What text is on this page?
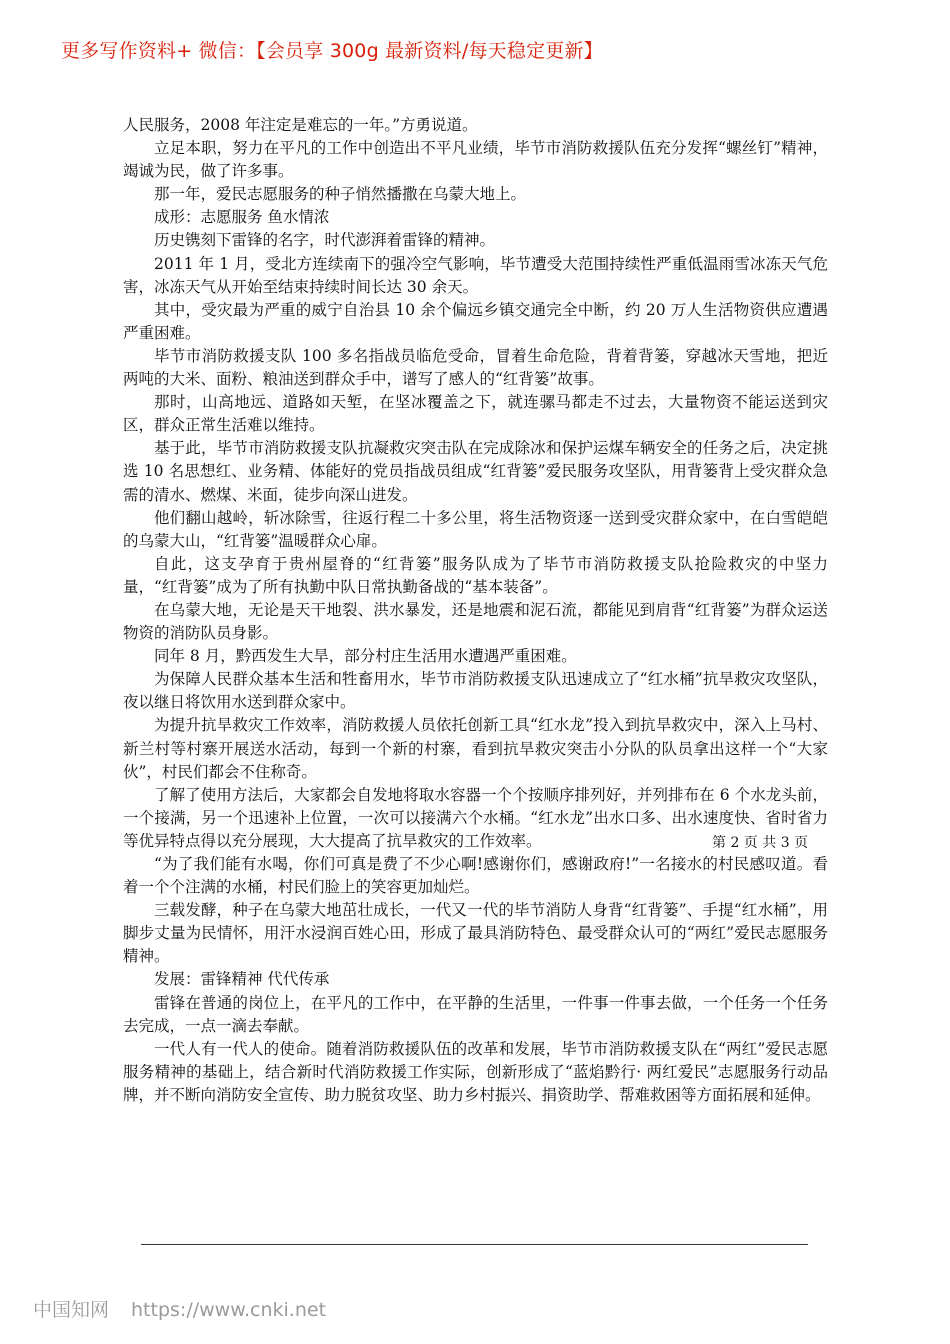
更多写作资料+ 微信：【会员享 300g 最新资料/每天稳定更新】

人民服务，2008 年注定是难忘的一年。”方勇说道。

立足本职，努力在平凡的工作中创造出不平凡业绩，毕节市消防救援队伍充分发挥“螺丝钉”精神，竭诚为民，做了许多事。

那一年，爱民志愿服务的种子悄然播撒在乌蒙大地上。

成形：志愿服务 鱼水情浓

历史镌刻下雷锋的名字，时代澎湃着雷锋的精神。

2011 年 1 月，受北方连续南下的强冷空气影响，毕节遭受大范围持续性严重低温雨雪冰冻天气危害，冰冻天气从开始至结束持续时间长达 30 余天。

其中，受灾最为严重的威宁自治县 10 余个偏远乡镇交通完全中断，约 20 万人生活物资供应遭遇严重困难。

毕节市消防救援支队 100 多名指战员临危受命，冒着生命危险，背着背篓，穿越冰天雪地，把近两吨的大米、面粉、粮油送到群众手中，谱写了感人的“红背篓”故事。

那时，山高地远、道路如天堑，在坚冰覆盖之下，就连骡马都走不过去，大量物资不能运送到灾区，群众正常生活难以维持。

基于此，毕节市消防救援支队抗凝救灾突击队在完成除冰和保护运煤车辆安全的任务之后，决定挑选 10 名思想红、业务精、体能好的党员指战员组成“红背篓”爱民服务攻坚队，用背篓背上受灾群众急需的清水、燃煤、米面，徒步向深山进发。

他们翻山越岭，斩冰除雪，往返行程二十多公里，将生活物资逐一送到受灾群众家中，在白雪皑皑的乌蒙大山，“红背篓”温暖群众心扉。

自此，这支孕育于贵州屋脊的“红背篓”服务队成为了毕节市消防救援支队抢险救灾的中坚力量，“红背篓”成为了所有执勤中队日常执勤备战的“基本装备”。

在乌蒙大地，无论是天干地裂、洪水暴发，还是地震和泥石流，都能见到肩背“红背篓”为群众运送物资的消防队员身影。

同年 8 月，黔西发生大旱，部分村庄生活用水遭遇严重困难。

为保障人民群众基本生活和牲畜用水，毕节市消防救援支队迅速成立了“红水桶”抗旱救灾攻坚队，夜以继日将饮用水送到群众家中。

为提升抗旱救灾工作效率，消防救援人员依托创新工具“红水龙”投入到抗旱救灾中，深入上马村、新兰村等村寨开展送水活动，每到一个新的村寨，看到抗旱救灾突击小分队的队员拿出这样一个“大家伙”，村民们都会不住称奇。

了解了使用方法后，大家都会自发地将取水容器一个个按顺序排列好，并列排布在 6 个水龙头前，一个接满，另一个迅速补上位置，一次可以接满六个水桶。“红水龙”出水口多、出水速度快、省时省力等优异特点得以充分展现，大大提高了抗旱救灾的工作效率。

“为了我们能有水喝，你们可真是费了不少心啊!感谢你们，感谢政府!”一名接水的村民感叹道。看着一个个注满的水桶，村民们脸上的笑容更加灿烂。

三载发酵，种子在乌蒙大地茁壮成长，一代又一代的毕节消防人身背“红背篓”、手提“红水桶”，用脚步丈量为民情怀，用汗水浸润百姓心田，形成了最具消防特色、最受群众认可的“两红”爱民志愿服务精神。

发展：雷锋精神 代代传承

雷锋在普通的岗位上，在平凡的工作中，在平静的生活里，一件事一件事去做，一个任务一个任务去完成，一点一滴去奉献。

一代人有一代人的使命。随着消防救援队伍的改革和发展，毕节市消防救援支队在“两红”爱民志愿服务精神的基础上，结合新时代消防救援工作实际，创新形成了“蓝焰黔行· 两红爱民”志愿服务行动品牌，并不断向消防安全宣传、助力脱贫攻坚、助力乡村振兴、捐资助学、帮难救困等方面拓展和延伸。

第 2 页 共 3 页
中国知网 https://www.cnki.net
